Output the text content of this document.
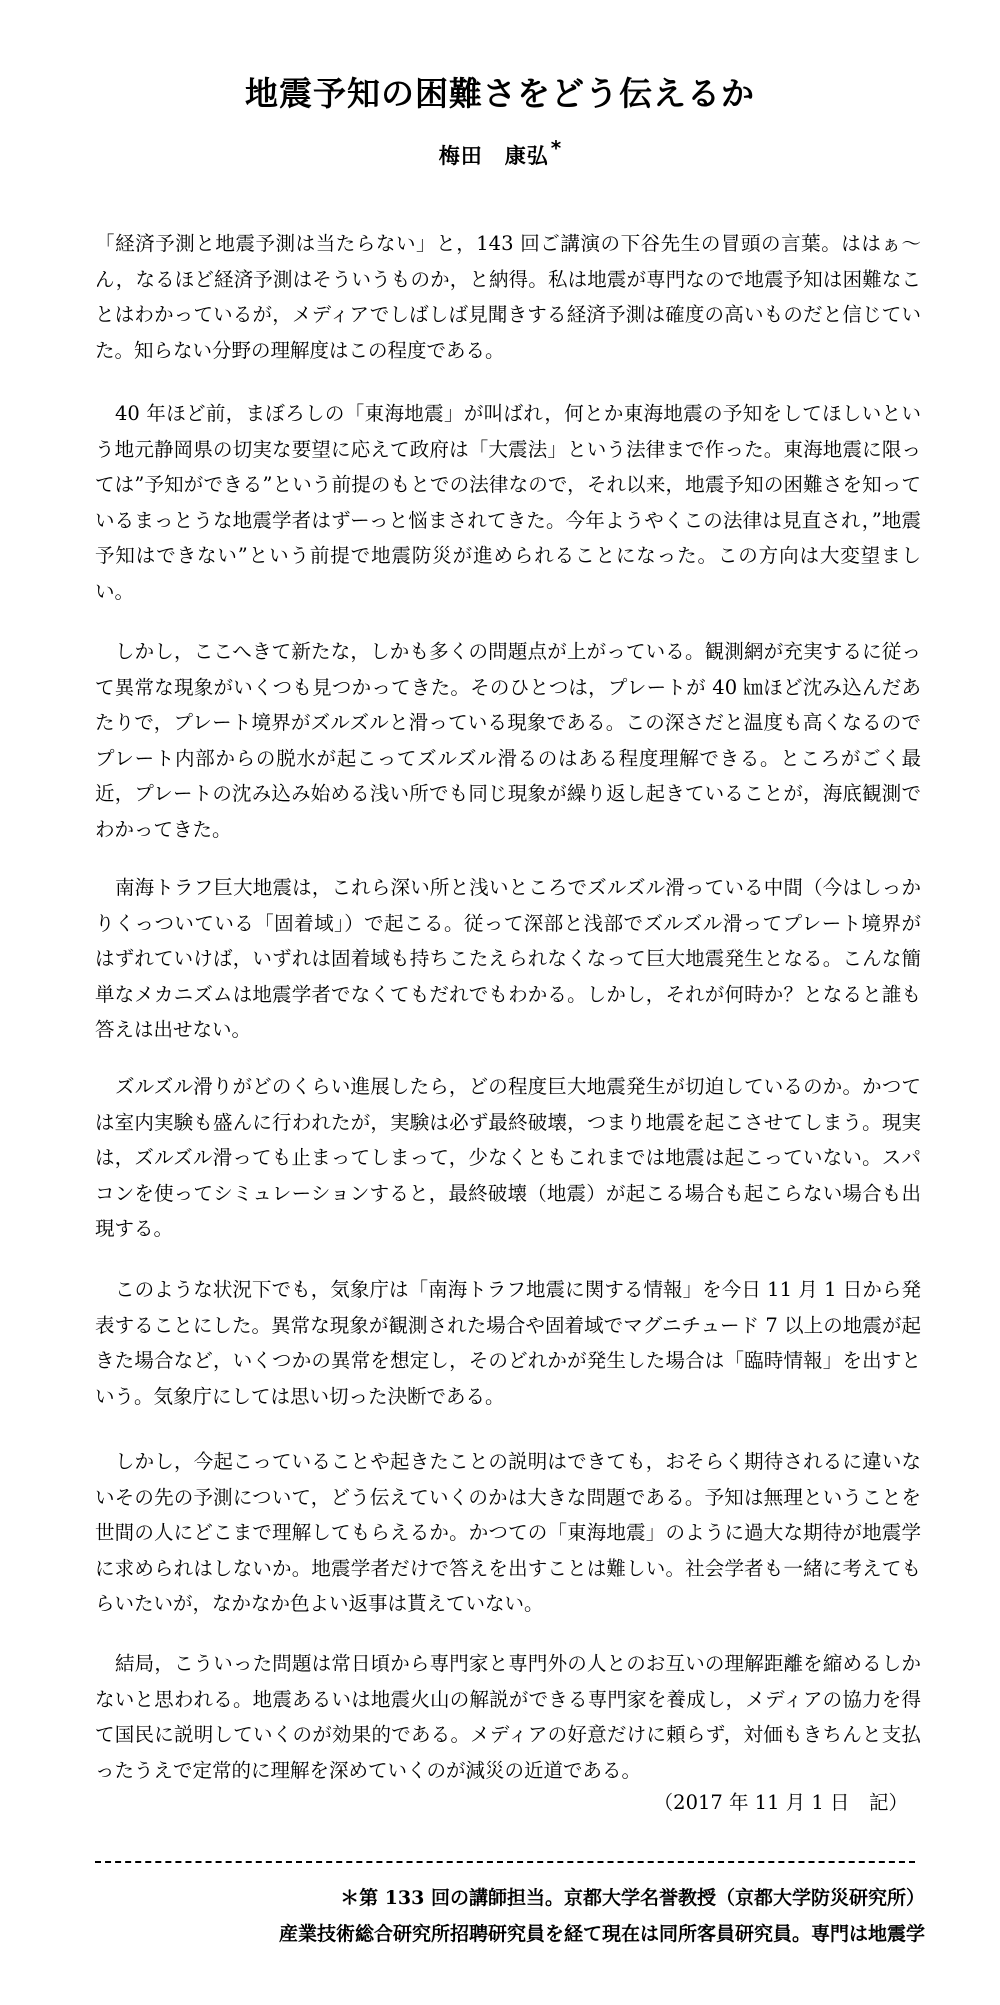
地震予知の困難さをどう伝えるか
梅田　康弘 *

「経済予測と地震予測は当たらない」と，143 回ご講演の下谷先生の冒頭の言葉。ははぁ～ん，なるほど経済予測はそういうものか，と納得。私は地震が専門なので地震予知は困難なことはわかっているが，メディアでしばしば見聞きする経済予測は確度の高いものだと信じていた。知らない分野の理解度はこの程度である。

40 年ほど前，まぼろしの「東海地震」が叫ばれ，何とか東海地震の予知をしてほしいという地元静岡県の切実な要望に応えて政府は「大震法」という法律まで作った。東海地震に限っては”予知ができる”という前提のもとでの法律なので，それ以来，地震予知の困難さを知っているまっとうな地震学者はずーっと悩まされてきた。今年ようやくこの法律は見直され，”地震予知はできない”という前提で地震防災が進められることになった。この方向は大変望ましい。

しかし，ここへきて新たな，しかも多くの問題点が上がっている。観測網が充実するに従って異常な現象がいくつも見つかってきた。そのひとつは，プレートが 40 ㎞ほど沈み込んだあたりで，プレート境界がズルズルと滑っている現象である。この深さだと温度も高くなるのでプレート内部からの脱水が起こってズルズル滑るのはある程度理解できる。ところがごく最近，プレートの沈み込み始める浅い所でも同じ現象が繰り返し起きていることが，海底観測でわかってきた。

南海トラフ巨大地震は，これら深い所と浅いところでズルズル滑っている中間（今はしっかりくっついている「固着域」）で起こる。従って深部と浅部でズルズル滑ってプレート境界がはずれていけば，いずれは固着域も持ちこたえられなくなって巨大地震発生となる。こんな簡単なメカニズムは地震学者でなくてもだれでもわかる。しかし，それが何時か？となると誰も答えは出せない。

ズルズル滑りがどのくらい進展したら，どの程度巨大地震発生が切迫しているのか。かつては室内実験も盛んに行われたが，実験は必ず最終破壊，つまり地震を起こさせてしまう。現実は，ズルズル滑っても止まってしまって，少なくともこれまでは地震は起こっていない。スパコンを使ってシミュレーションすると，最終破壊（地震）が起こる場合も起こらない場合も出現する。

このような状況下でも，気象庁は「南海トラフ地震に関する情報」を今日 11 月 1 日から発表することにした。異常な現象が観測された場合や固着域でマグニチュード 7 以上の地震が起きた場合など，いくつかの異常を想定し，そのどれかが発生した場合は「臨時情報」を出すという。気象庁にしては思い切った決断である。

しかし，今起こっていることや起きたことの説明はできても，おそらく期待されるに違いないその先の予測について，どう伝えていくのかは大きな問題である。予知は無理ということを世間の人にどこまで理解してもらえるか。かつての「東海地震」のように過大な期待が地震学に求められはしないか。地震学者だけで答えを出すことは難しい。社会学者も一緒に考えてもらいたいが，なかなか色よい返事は貰えていない。

結局，こういった問題は常日頃から専門家と専門外の人とのお互いの理解距離を縮めるしかないと思われる。地震あるいは地震火山の解説ができる専門家を養成し，メディアの協力を得て国民に説明していくのが効果的である。メディアの好意だけに頼らず，対価もきちんと支払ったうえで定常的に理解を深めていくのが減災の近道である。

（2017 年 11 月 1 日　記）
＊第 133 回の講師担当。京都大学名誉教授（京都大学防災研究所）
産業技術総合研究所招聘研究員を経て現在は同所客員研究員。専門は地震学
